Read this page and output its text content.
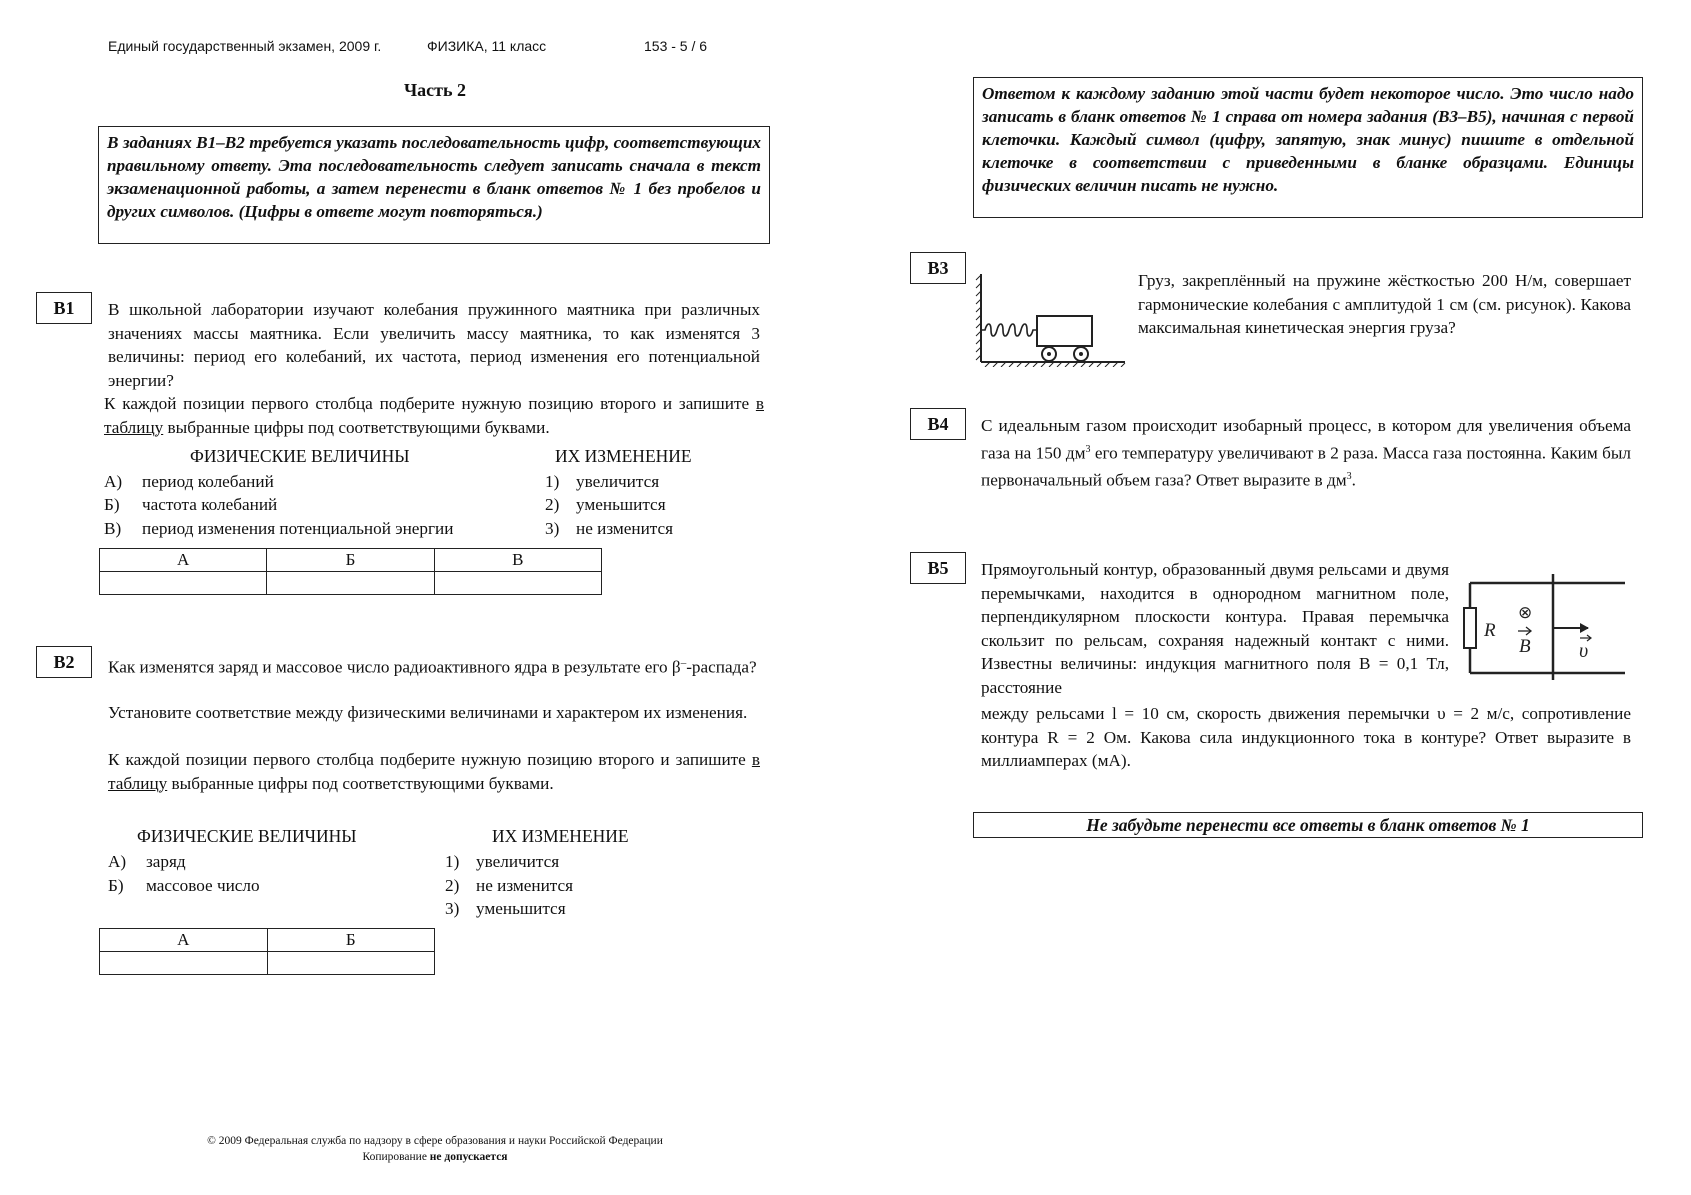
Единый государственный экзамен, 2009 г.	ФИЗИКА, 11 класс	153 - 5 / 6
Часть 2
В заданиях В1–В2 требуется указать последовательность цифр, соответствующих правильному ответу. Эта последовательность следует записать сначала в текст экзаменационной работы, а затем перенести в бланк ответов № 1 без пробелов и других символов. (Цифры в ответе могут повторяться.)
Ответом к каждому заданию этой части будет некоторое число. Это число надо записать в бланк ответов № 1 справа от номера задания (В3–В5), начиная с первой клеточки. Каждый символ (цифру, запятую, знак минус) пишите в отдельной клеточке в соответствии с приведенными в бланке образцами. Единицы физических величин писать не нужно.
B1	В школьной лаборатории изучают колебания пружинного маятника при различных значениях массы маятника. Если увеличить массу маятника, то как изменятся 3 величины: период его колебаний, их частота, период изменения его потенциальной энергии?
К каждой позиции первого столбца подберите нужную позицию второго и запишите в таблицу выбранные цифры под соответствующими буквами.
ФИЗИЧЕСКИЕ ВЕЛИЧИНЫ	ИХ ИЗМЕНЕНИЕ
А) период колебаний
Б) частота колебаний
В) период изменения потенциальной энергии
1) увеличится
2) уменьшится
3) не изменится
А	Б	В

B2	Как изменятся заряд и массовое число радиоактивного ядра в результате его β–-распада?
Установите соответствие между физическими величинами и характером их изменения.
К каждой позиции первого столбца подберите нужную позицию второго и запишите в таблицу выбранные цифры под соответствующими буквами.
ФИЗИЧЕСКИЕ ВЕЛИЧИНЫ	ИХ ИЗМЕНЕНИЕ
А) заряд
Б) массовое число
1) увеличится
2) не изменится
3) уменьшится
А	Б

B3
Груз, закреплённый на пружине жёсткостью 200 Н/м, совершает гармонические колебания с амплитудой 1 см (см. рисунок). Какова максимальная кинетическая энергия груза?
B4	С идеальным газом происходит изобарный процесс, в котором для увеличения объема газа на 150 $дм^3$ его температуру увеличивают в 2 раза. Масса газа постоянна. Каким был первоначальный объем газа? Ответ выразите в $дм^3$.
B5	Прямоугольный контур, образованный двумя рельсами и двумя перемычками, находится в однородном магнитном поле, перпендикулярном плоскости контура. Правая перемычка скользит по рельсам, сохраняя надежный контакт с ними. Известны величины: индукция магнитного поля B = 0,1 Тл, расстояние
R
⊗
B υ
между рельсами l = 10 см, скорость движения перемычки υ = 2 м/с, сопротивление контура R = 2 Ом. Какова сила индукционного тока в контуре? Ответ выразите в миллиамперах (мА).
Не забудьте перенести все ответы в бланк ответов № 1
© 2009 Федеральная служба по надзору в сфере образования и науки Российской Федерации
Копирование не допускается
